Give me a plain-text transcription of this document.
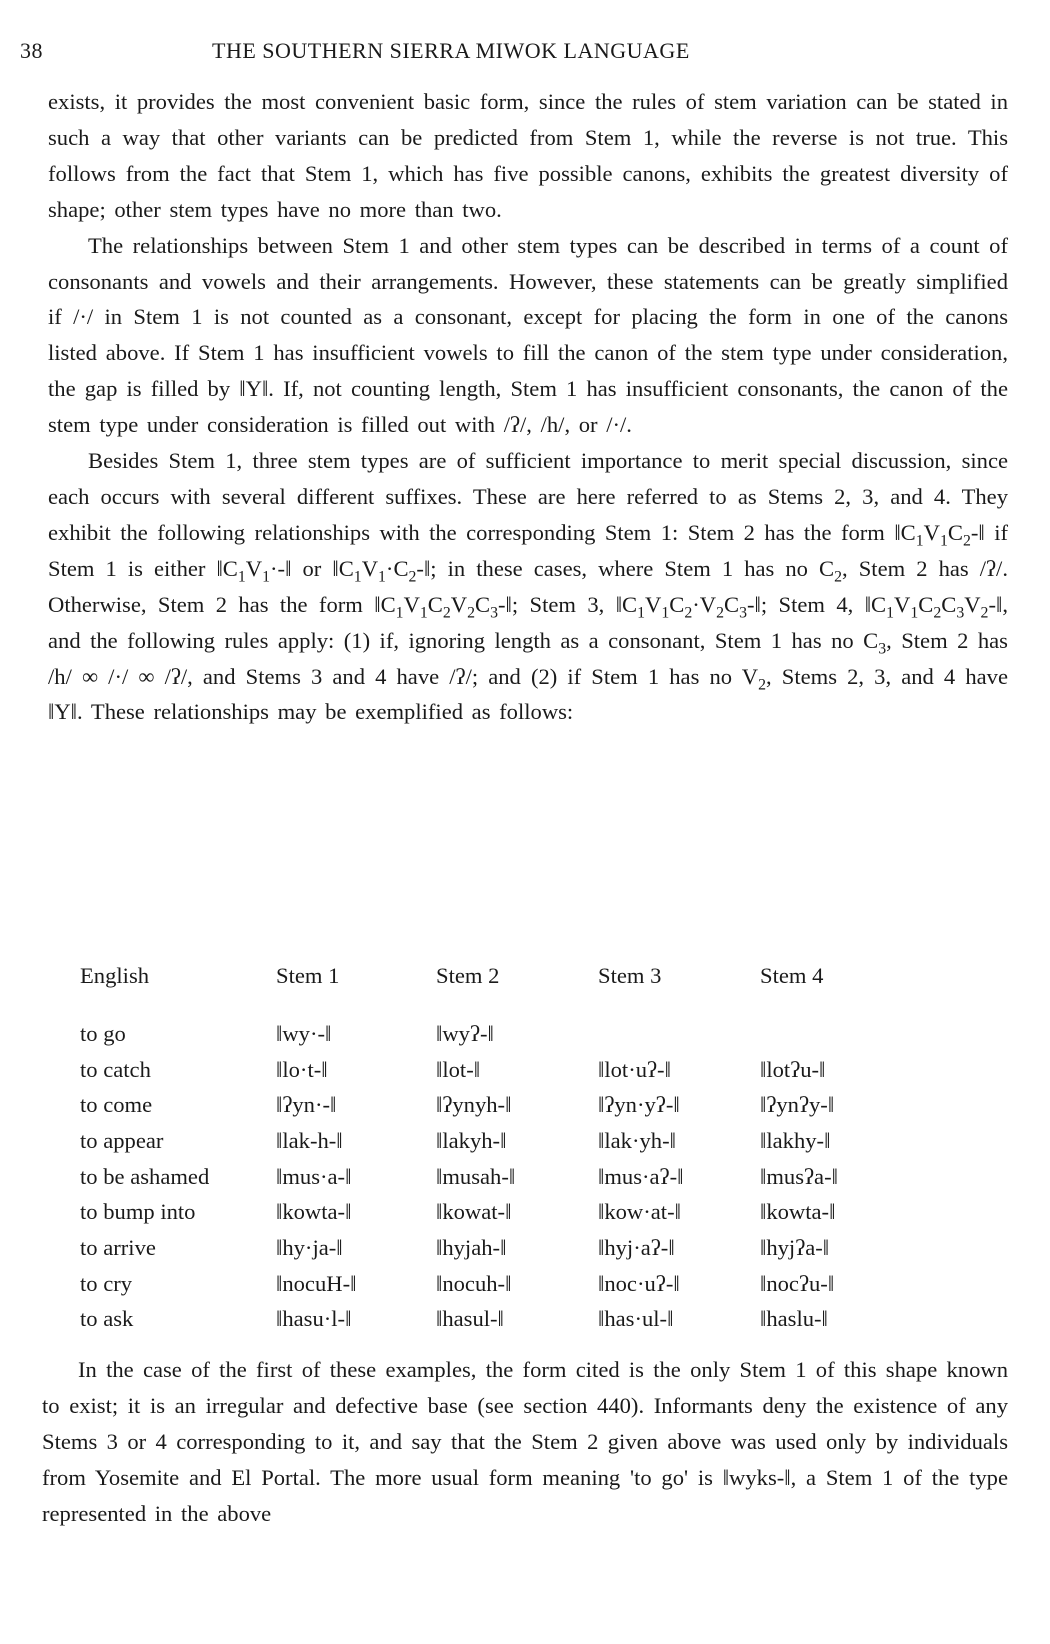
38	THE SOUTHERN SIERRA MIWOK LANGUAGE

exists, it provides the most convenient basic form, since the rules of stem variation can be stated in such a way that other variants can be predicted from Stem 1, while the reverse is not true. This follows from the fact that Stem 1, which has five possible canons, exhibits the greatest diversity of shape; other stem types have no more than two.

The relationships between Stem 1 and other stem types can be described in terms of a count of consonants and vowels and their arrangements. However, these statements can be greatly simplified if /·/ in Stem 1 is not counted as a consonant, except for placing the form in one of the canons listed above. If Stem 1 has insufficient vowels to fill the canon of the stem type under consideration, the gap is filled by ‖Y‖. If, not counting length, Stem 1 has insufficient consonants, the canon of the stem type under consideration is filled out with /ʔ/, /h/, or /·/.

Besides Stem 1, three stem types are of sufficient importance to merit special discussion, since each occurs with several different suffixes. These are here referred to as Stems 2, 3, and 4. They exhibit the following relationships with the corresponding Stem 1: Stem 2 has the form $‖C_1V_1C_2-‖$ if Stem 1 is either $‖C_1V_1\cdot-‖$ or $‖C_1V_1\cdot C_2-‖$; in these cases, where Stem 1 has no $C_2$, Stem 2 has /ʔ/. Otherwise, Stem 2 has the form $‖C_1V_1C_2V_2C_3-‖$; Stem 3, $‖C_1V_1C_2\cdot V_2C_3-‖$; Stem 4, $‖C_1V_1C_2C_3V_2-‖$, and the following rules apply: (1) if, ignoring length as a consonant, Stem 1 has no $C_3$, Stem 2 has /h/ ∞ /·/ ∞ /ʔ/, and Stems 3 and 4 have /ʔ/; and (2) if Stem 1 has no $V_2$, Stems 2, 3, and 4 have ‖Y‖. These relationships may be exemplified as follows:

English	Stem 1	Stem 2	Stem 3	Stem 4
to go	‖wy·-‖	‖wyʔ-‖		
to catch	‖lo·t-‖	‖lot-‖	‖lot·uʔ-‖	‖lotʔu-‖
to come	‖ʔyn·-‖	‖ʔynyh-‖	‖ʔyn·yʔ-‖	‖ʔynʔy-‖
to appear	‖lak-h-‖	‖lakyh-‖	‖lak·yh-‖	‖lakhy-‖
to be ashamed	‖mus·a-‖	‖musah-‖	‖mus·aʔ-‖	‖musʔa-‖
to bump into	‖kowta-‖	‖kowat-‖	‖kow·at-‖	‖kowta-‖
to arrive	‖hy·ja-‖	‖hyjah-‖	‖hyj·aʔ-‖	‖hyjʔa-‖
to cry	‖nocuH-‖	‖nocuh-‖	‖noc·uʔ-‖	‖nocʔu-‖
to ask	‖hasu·l-‖	‖hasul-‖	‖has·ul-‖	‖haslu-‖

In the case of the first of these examples, the form cited is the only Stem 1 of this shape known to exist; it is an irregular and defective base (see section 440). Informants deny the existence of any Stems 3 or 4 corresponding to it, and say that the Stem 2 given above was used only by individuals from Yosemite and El Portal. The more usual form meaning 'to go' is ‖wyks-‖, a Stem 1 of the type represented in the above
